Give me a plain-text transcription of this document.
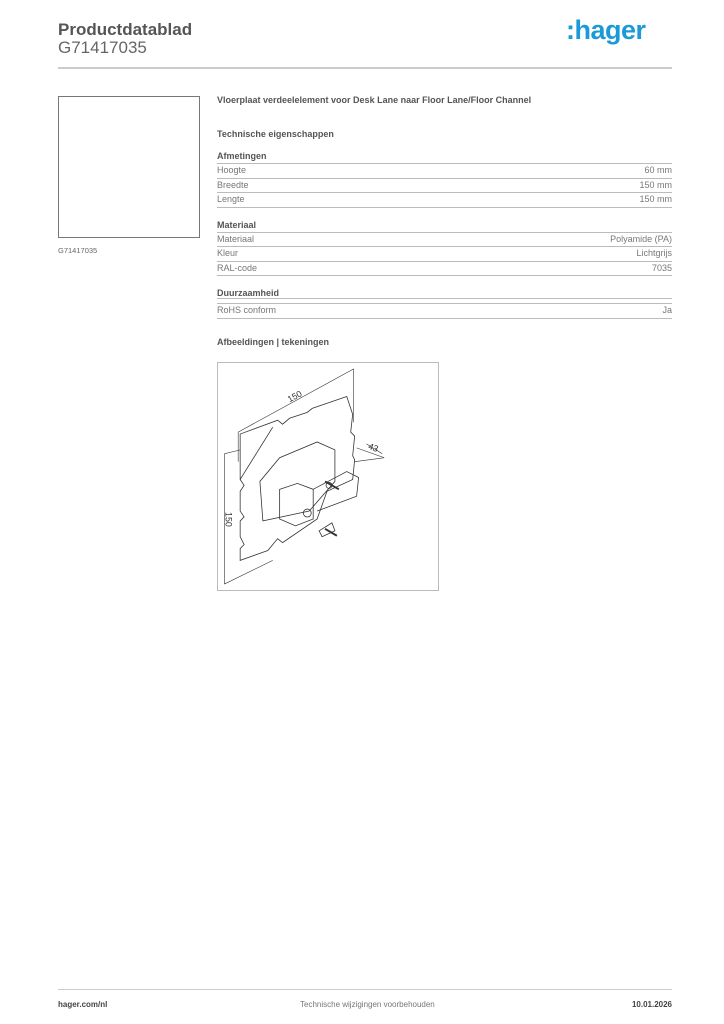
Productdatablad
G71417035
:hager
G71417035
Vloerplaat verdeelelement voor Desk Lane naar Floor Lane/Floor Channel
Technische eigenschappen
Afmetingen
Hoogte	60 mm
Breedte	150 mm
Lengte	150 mm
Materiaal
Materiaal	Polyamide (PA)
Kleur	Lichtgrijs
RAL-code	7035
Duurzaamheid
RoHS conform	Ja
Afbeeldingen | tekeningen
150
43
150
hager.com/nl	Technische wijzigingen voorbehouden	10.01.2026
